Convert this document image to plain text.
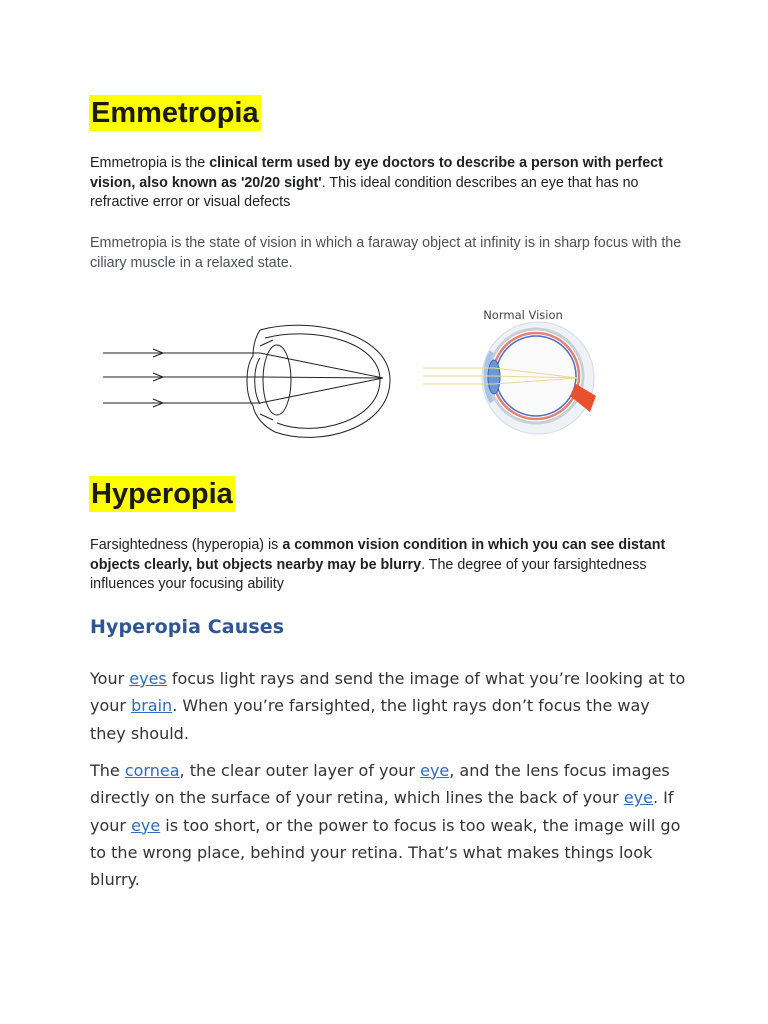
Emmetropia

Emmetropia is the clinical term used by eye doctors to describe a person with perfect vision, also known as '20/20 sight'. This ideal condition describes an eye that has no refractive error or visual defects

Emmetropia is the state of vision in which a faraway object at infinity is in sharp focus with the ciliary muscle in a relaxed state.

Normal Vision
Hyperopia

Farsightedness (hyperopia) is a common vision condition in which you can see distant objects clearly, but objects nearby may be blurry. The degree of your farsightedness influences your focusing ability

Hyperopia Causes

Your eyes focus light rays and send the image of what you’re looking at to your brain. When you’re farsighted, the light rays don’t focus the way they should.

The cornea, the clear outer layer of your eye, and the lens focus images directly on the surface of your retina, which lines the back of your eye. If your eye is too short, or the power to focus is too weak, the image will go to the wrong place, behind your retina. That’s what makes things look blurry.
